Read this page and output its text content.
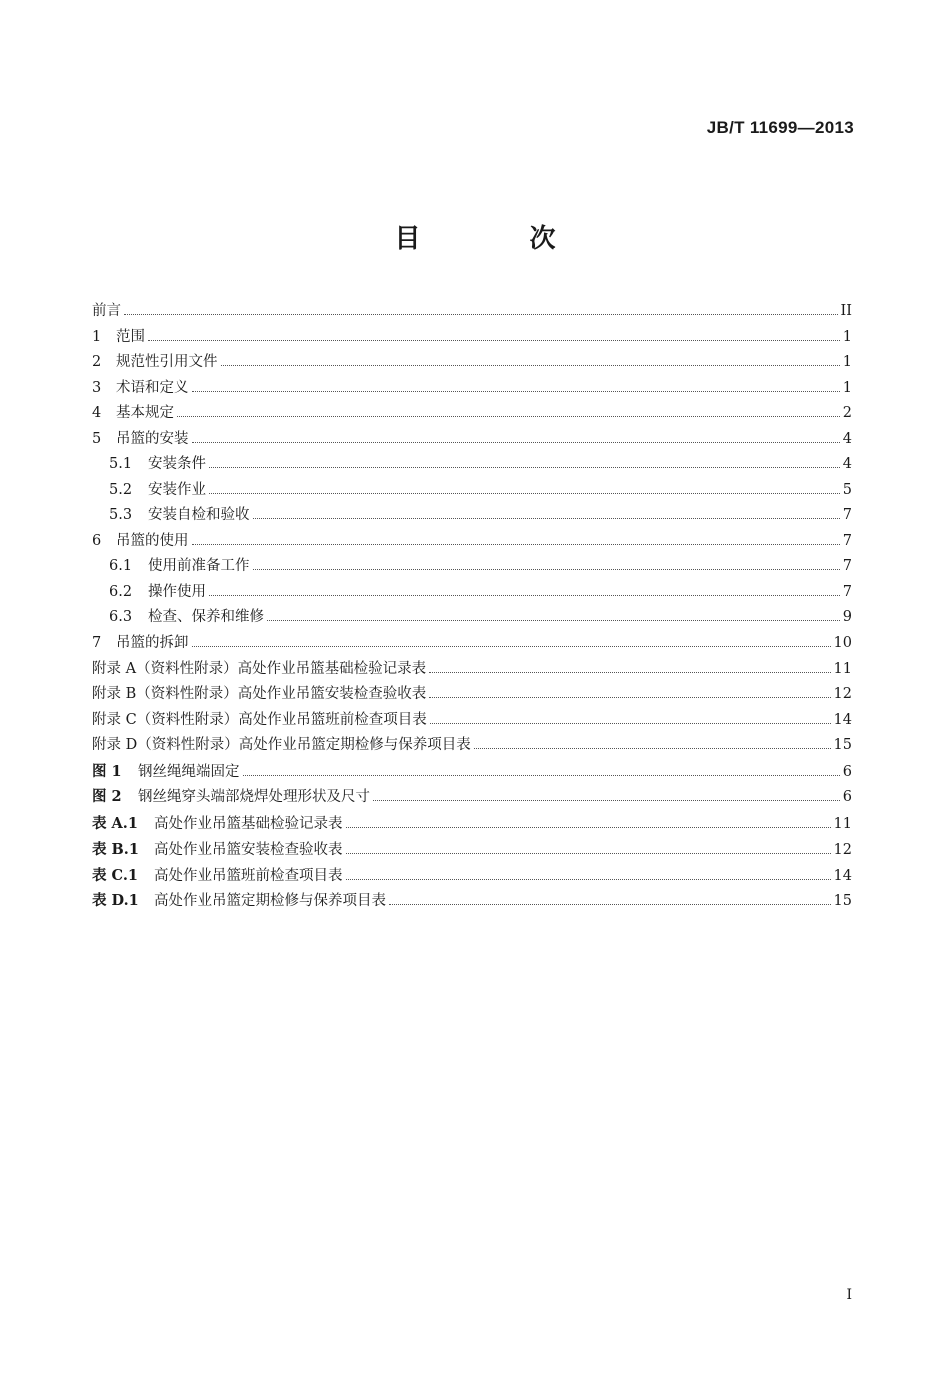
JB/T 11699—2013
目 次
前言	II
1	范围	1
2	规范性引用文件	1
3	术语和定义	1
4	基本规定	2
5	吊篮的安装	4
5.1	安装条件	4
5.2	安装作业	5
5.3	安装自检和验收	7
6	吊篮的使用	7
6.1	使用前准备工作	7
6.2	操作使用	7
6.3	检查、保养和维修	9
7	吊篮的拆卸	10
附录 A（资料性附录）高处作业吊篮基础检验记录表	11
附录 B（资料性附录）高处作业吊篮安装检查验收表	12
附录 C（资料性附录）高处作业吊篮班前检查项目表	14
附录 D（资料性附录）高处作业吊篮定期检修与保养项目表	15
图 1	钢丝绳绳端固定	6
图 2	钢丝绳穿头端部烧焊处理形状及尺寸	6
表 A.1	高处作业吊篮基础检验记录表	11
表 B.1	高处作业吊篮安装检查验收表	12
表 C.1	高处作业吊篮班前检查项目表	14
表 D.1	高处作业吊篮定期检修与保养项目表	15
I
